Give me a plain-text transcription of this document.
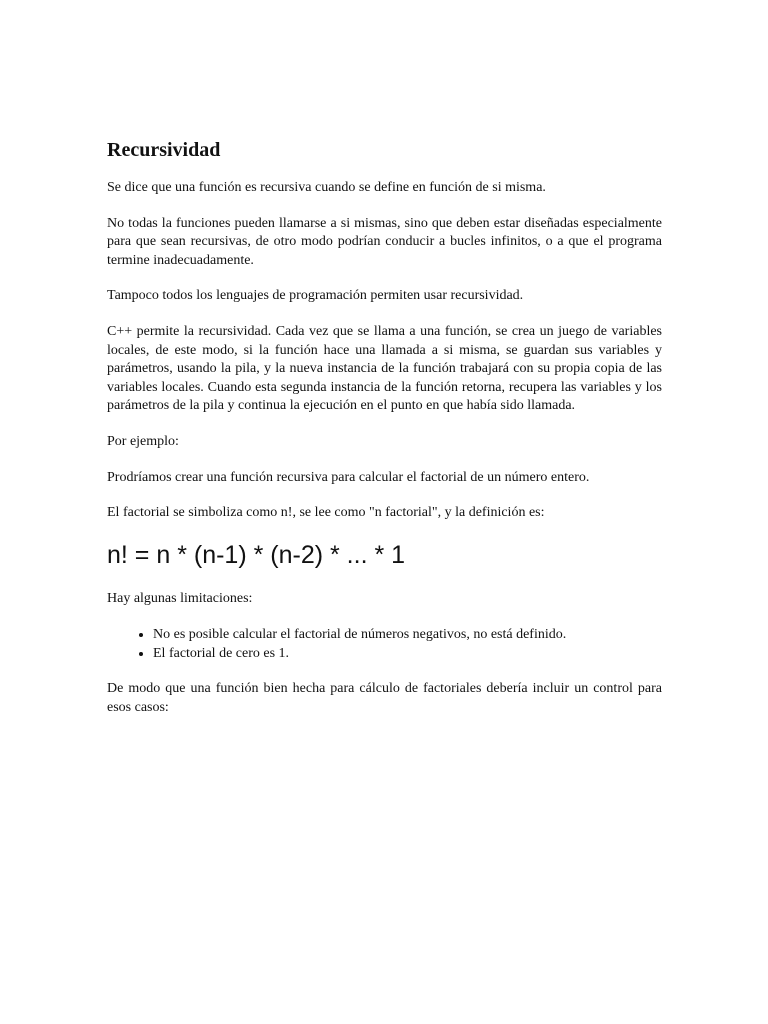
Recursividad

Se dice que una función es recursiva cuando se define en función de si misma.

No todas la funciones pueden llamarse a si mismas, sino que deben estar diseñadas especialmente para que sean recursivas, de otro modo podrían conducir a bucles infinitos, o a que el programa termine inadecuadamente.

Tampoco todos los lenguajes de programación permiten usar recursividad.

C++ permite la recursividad. Cada vez que se llama a una función, se crea un juego de variables locales, de este modo, si la función hace una llamada a si misma, se guardan sus variables y parámetros, usando la pila, y la nueva instancia de la función trabajará con su propia copia de las variables locales. Cuando esta segunda instancia de la función retorna, recupera las variables y los parámetros de la pila y continua la ejecución en el punto en que había sido llamada.

Por ejemplo:

Prodríamos crear una función recursiva para calcular el factorial de un número entero.

El factorial se simboliza como n!, se lee como "n factorial", y la definición es:

n! = n * (n-1) * (n-2) * ... * 1

Hay algunas limitaciones:

• No es posible calcular el factorial de números negativos, no está definido.
• El factorial de cero es 1.

De modo que una función bien hecha para cálculo de factoriales debería incluir un control para esos casos:
